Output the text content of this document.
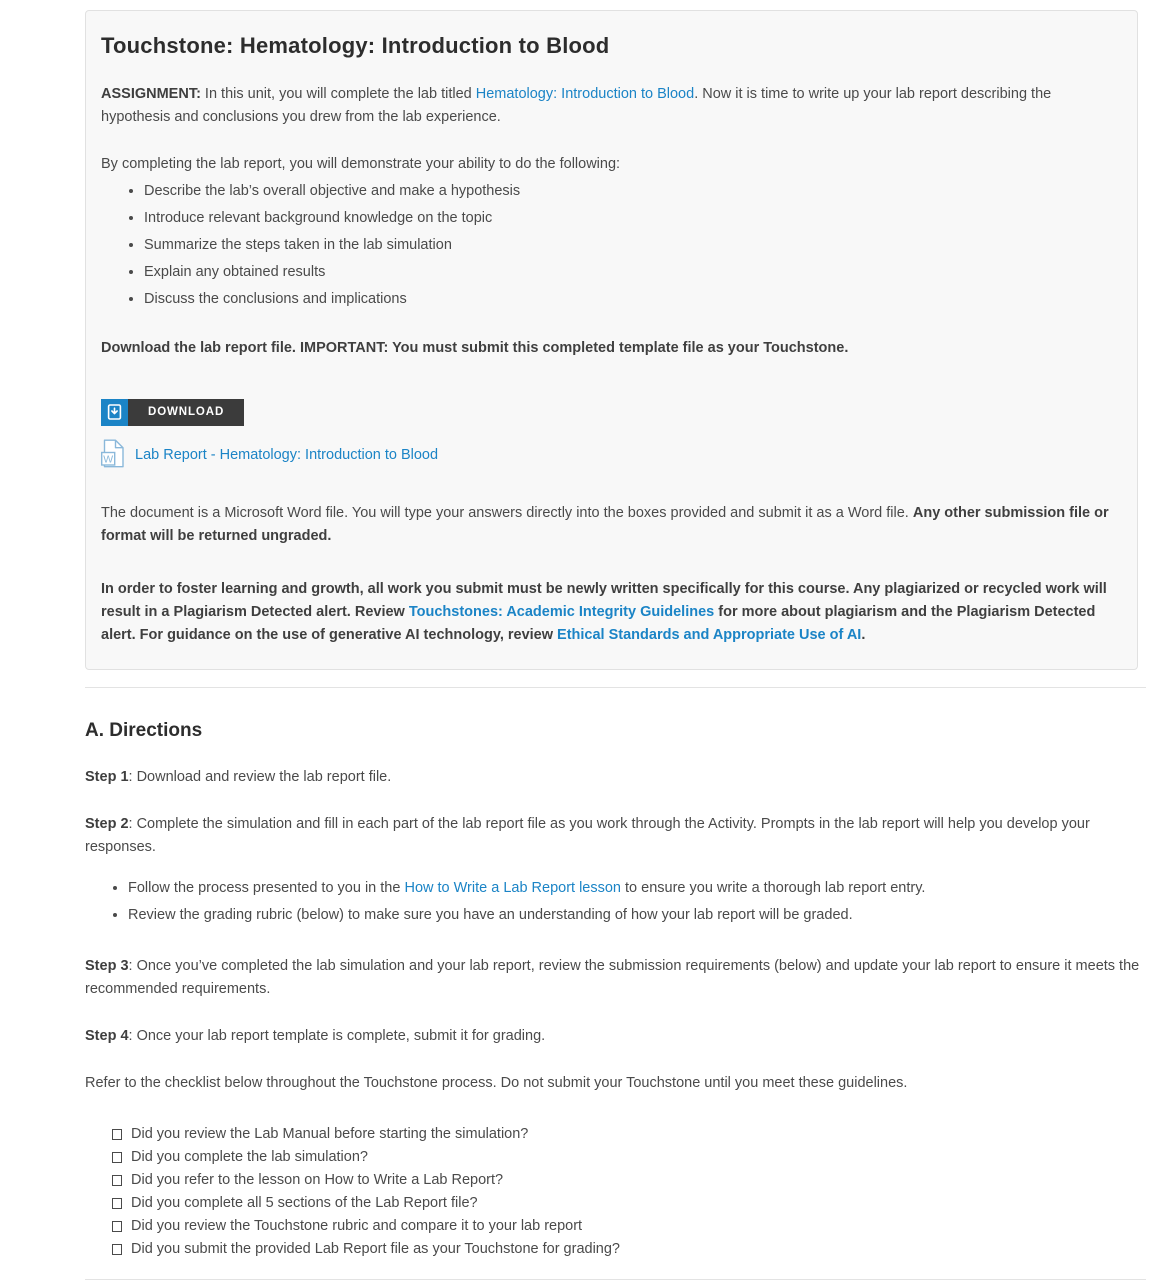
Touchstone: Hematology: Introduction to Blood

ASSIGNMENT: In this unit, you will complete the lab titled Hematology: Introduction to Blood. Now it is time to write up your lab report describing the hypothesis and conclusions you drew from the lab experience.

By completing the lab report, you will demonstrate your ability to do the following:

• Describe the lab’s overall objective and make a hypothesis
• Introduce relevant background knowledge on the topic
• Summarize the steps taken in the lab simulation
• Explain any obtained results
• Discuss the conclusions and implications

Download the lab report file. IMPORTANT: You must submit this completed template file as your Touchstone.

DOWNLOAD
W Lab Report - Hematology: Introduction to Blood

The document is a Microsoft Word file. You will type your answers directly into the boxes provided and submit it as a Word file. Any other submission file or format will be returned ungraded.

In order to foster learning and growth, all work you submit must be newly written specifically for this course. Any plagiarized or recycled work will result in a Plagiarism Detected alert. Review Touchstones: Academic Integrity Guidelines for more about plagiarism and the Plagiarism Detected alert. For guidance on the use of generative AI technology, review Ethical Standards and Appropriate Use of AI.

A. Directions

Step 1: Download and review the lab report file.

Step 2: Complete the simulation and fill in each part of the lab report file as you work through the Activity. Prompts in the lab report will help you develop your responses.

• Follow the process presented to you in the How to Write a Lab Report lesson to ensure you write a thorough lab report entry.
• Review the grading rubric (below) to make sure you have an understanding of how your lab report will be graded.

Step 3: Once you’ve completed the lab simulation and your lab report, review the submission requirements (below) and update your lab report to ensure it meets the recommended requirements.

Step 4: Once your lab report template is complete, submit it for grading.

Refer to the checklist below throughout the Touchstone process. Do not submit your Touchstone until you meet these guidelines.

Did you review the Lab Manual before starting the simulation?
Did you complete the lab simulation?
Did you refer to the lesson on How to Write a Lab Report?
Did you complete all 5 sections of the Lab Report file?
Did you review the Touchstone rubric and compare it to your lab report
Did you submit the provided Lab Report file as your Touchstone for grading?
